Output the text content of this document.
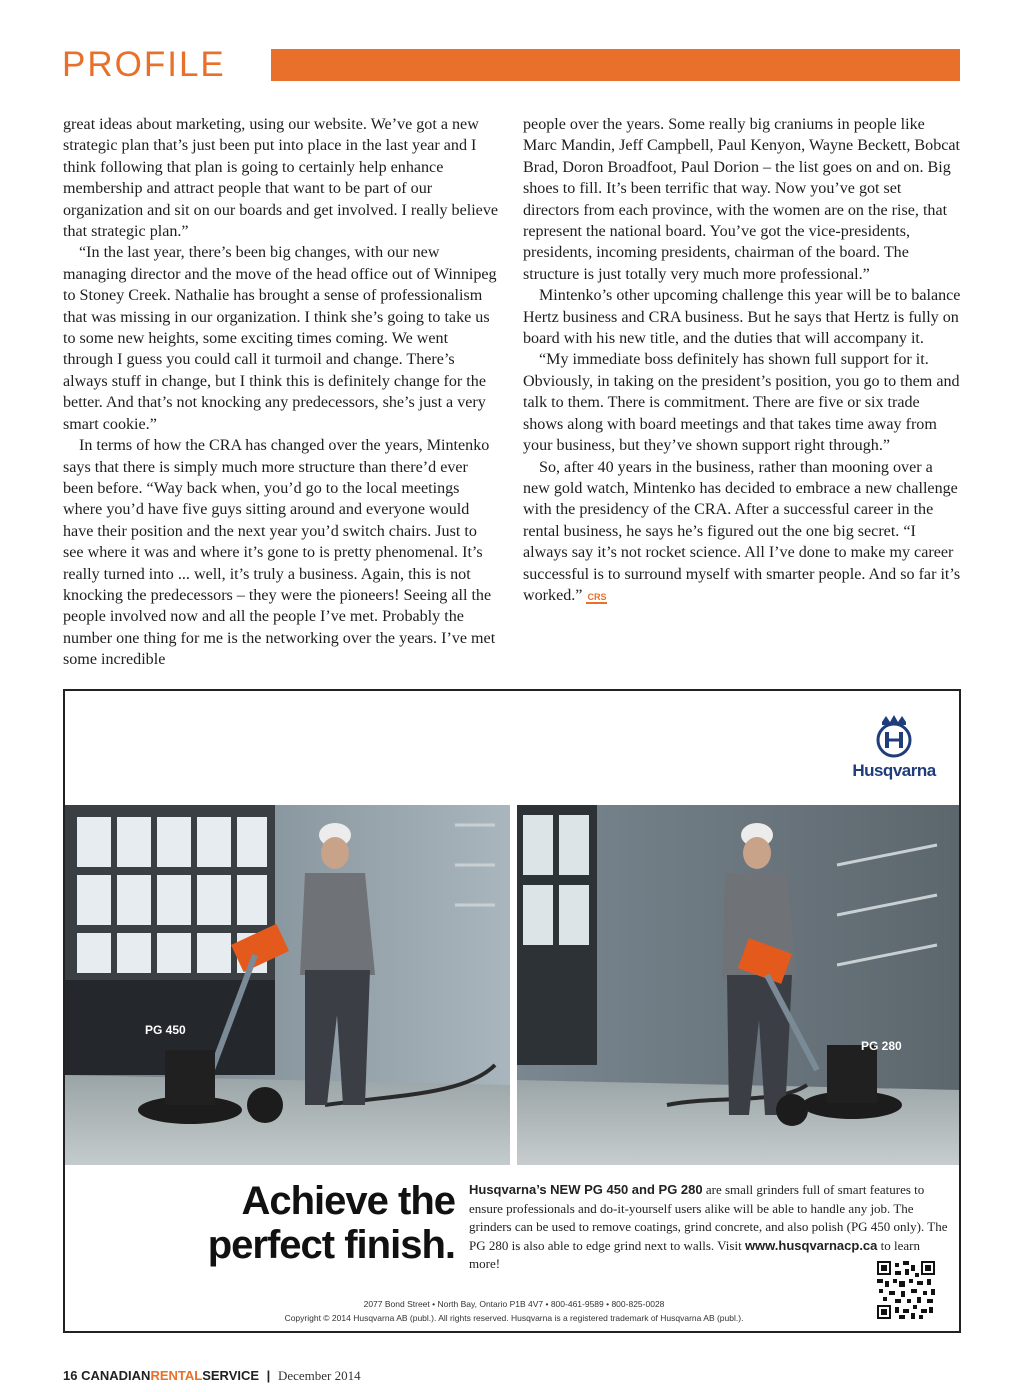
PROFILE

great ideas about marketing, using our website. We’ve got a new strategic plan that’s just been put into place in the last year and I think following that plan is going to certainly help enhance membership and attract people that want to be part of our organization and sit on our boards and get involved. I really believe that strategic plan.”

“In the last year, there’s been big changes, with our new managing director and the move of the head office out of Winnipeg to Stoney Creek. Nathalie has brought a sense of professionalism that was missing in our organization. I think she’s going to take us to some new heights, some exciting times coming. We went through I guess you could call it turmoil and change. There’s always stuff in change, but I think this is definitely change for the better. And that’s not knocking any predecessors, she’s just a very smart cookie.”

In terms of how the CRA has changed over the years, Mintenko says that there is simply much more structure than there’d ever been before. “Way back when, you’d go to the local meetings where you’d have five guys sitting around and everyone would have their position and the next year you’d switch chairs. Just to see where it was and where it’s gone to is pretty phenomenal. It’s really turned into ... well, it’s truly a business. Again, this is not knocking the predecessors – they were the pioneers! Seeing all the people involved now and all the people I’ve met. Probably the number one thing for me is the networking over the years. I’ve met some incredible

people over the years. Some really big craniums in people like Marc Mandin, Jeff Campbell, Paul Kenyon, Wayne Beckett, Bobcat Brad, Doron Broadfoot, Paul Dorion – the list goes on and on. Big shoes to fill. It’s been terrific that way. Now you’ve got set directors from each province, with the women are on the rise, that represent the national board. You’ve got the vice-presidents, presidents, incoming presidents, chairman of the board. The structure is just totally very much more professional.”

Mintenko’s other upcoming challenge this year will be to balance Hertz business and CRA business. But he says that Hertz is fully on board with his new title, and the duties that will accompany it.

“My immediate boss definitely has shown full support for it. Obviously, in taking on the president’s position, you go to them and talk to them. There is commitment. There are five or six trade shows along with board meetings and that takes time away from your business, but they’ve shown support right through.”

So, after 40 years in the business, rather than mooning over a new gold watch, Mintenko has decided to embrace a new challenge with the presidency of the CRA. After a successful career in the rental business, he says he’s figured out the one big secret. “I always say it’s not rocket science. All I’ve done to make my career successful is to surround myself with smarter people. And so far it’s worked.” CRS

Husqvarna
PG 450
PG 280
Achieve the
perfect finish.
Husqvarna’s NEW PG 450 and PG 280 are small grinders full of smart features to ensure professionals and do-it-yourself users alike will be able to handle any job. The grinders can be used to remove coatings, grind concrete, and also polish (PG 450 only). The PG 280 is also able to edge grind next to walls. Visit www.husqvarnacp.ca to learn more!
2077 Bond Street • North Bay, Ontario P1B 4V7 • 800-461-9589 • 800-825-0028
Copyright © 2014 Husqvarna AB (publ.). All rights reserved. Husqvarna is a registered trademark of Husqvarna AB (publ.).
16 CANADIANRENTALSERVICE | December 2014
